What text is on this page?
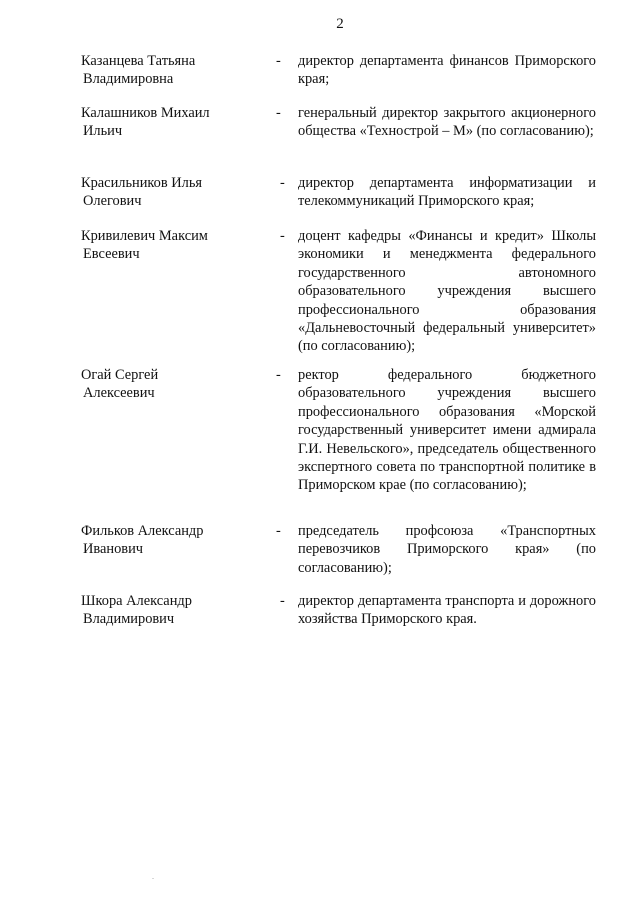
2
Казанцева Татьяна
Владимировна
- директор департамента финансов Приморского края;
Калашников Михаил
Ильич
- генеральный директор закрытого акционерного общества «Технострой – М» (по согласованию);
Красильников Илья
Олегович
- директор департамента информатизации и телекоммуникаций Приморского края;
Кривилевич Максим
Евсеевич
- доцент кафедры «Финансы и кредит» Школы экономики и менеджмента федерального государственного автономного образовательного учреждения высшего профессионального образования «Дальневосточный федеральный университет» (по согласованию);
Огай Сергей
Алексеевич
- ректор федерального бюджетного образовательного учреждения высшего профессионального образования «Морской государственный университет имени адмирала Г.И. Невельского», председатель общественного экспертного совета по транспортной политике в Приморском крае (по согласованию);
Фильков Александр
Иванович
- председатель профсоюза «Транспортных перевозчиков Приморского края» (по согласованию);
Шкора Александр
Владимирович
- директор департамента транспорта и дорожного хозяйства Приморского края.
.
